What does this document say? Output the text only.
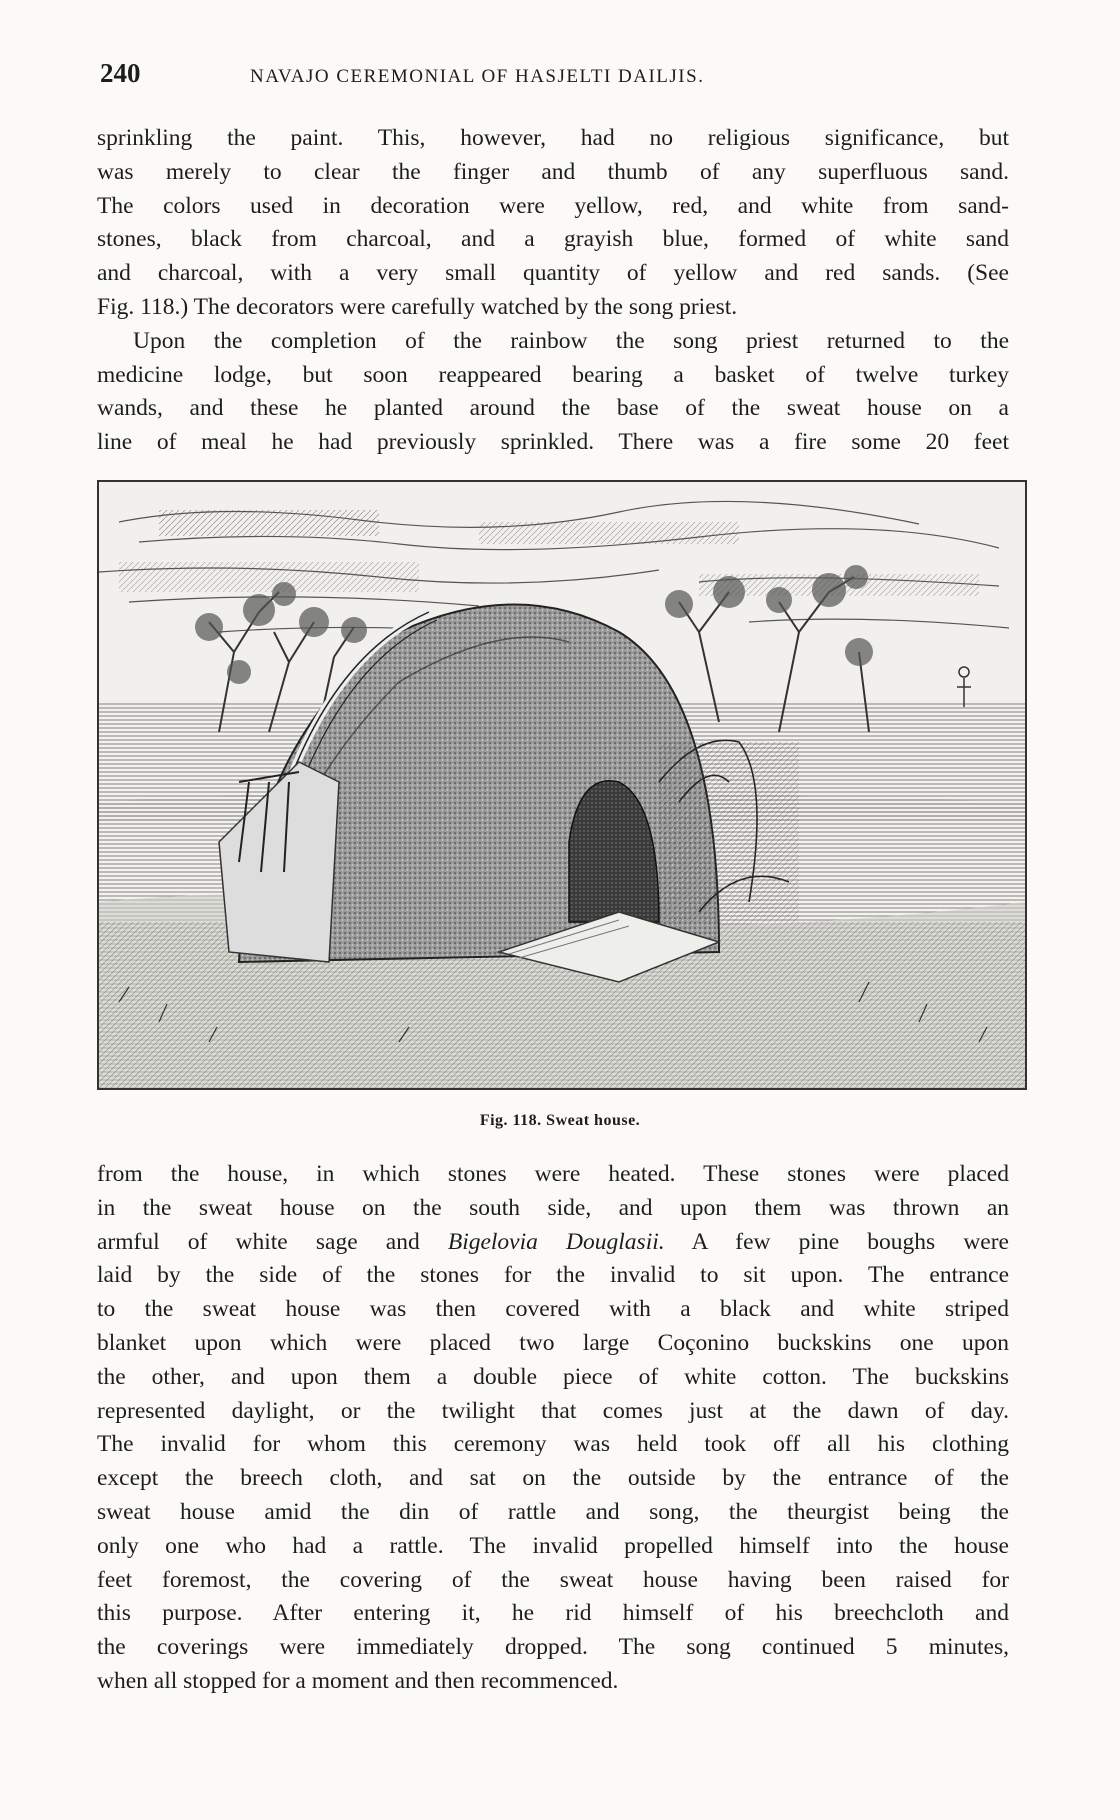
240	NAVAJO CEREMONIAL OF HASJELTI DAILJIS.
sprinkling the paint. This, however, had no religious significance, but
was merely to clear the finger and thumb of any superfluous sand.
The colors used in decoration were yellow, red, and white from sand-
stones, black from charcoal, and a grayish blue, formed of white sand
and charcoal, with a very small quantity of yellow and red sands. (See
Fig. 118.) The decorators were carefully watched by the song priest.
Upon the completion of the rainbow the song priest returned to the
medicine lodge, but soon reappeared bearing a basket of twelve turkey
wands, and these he planted around the base of the sweat house on a
line of meal he had previously sprinkled. There was a fire some 20 feet
Fig. 118. Sweat house.
from the house, in which stones were heated. These stones were placed
in the sweat house on the south side, and upon them was thrown an
armful of white sage and Bigelovia Douglasii. A few pine boughs were
laid by the side of the stones for the invalid to sit upon. The entrance
to the sweat house was then covered with a black and white striped
blanket upon which were placed two large Coçonino buckskins one upon
the other, and upon them a double piece of white cotton. The buckskins
represented daylight, or the twilight that comes just at the dawn of day.
The invalid for whom this ceremony was held took off all his clothing
except the breech cloth, and sat on the outside by the entrance of the
sweat house amid the din of rattle and song, the theurgist being the
only one who had a rattle. The invalid propelled himself into the house
feet foremost, the covering of the sweat house having been raised for
this purpose. After entering it, he rid himself of his breechcloth and
the coverings were immediately dropped. The song continued 5 minutes,
when all stopped for a moment and then recommenced.
